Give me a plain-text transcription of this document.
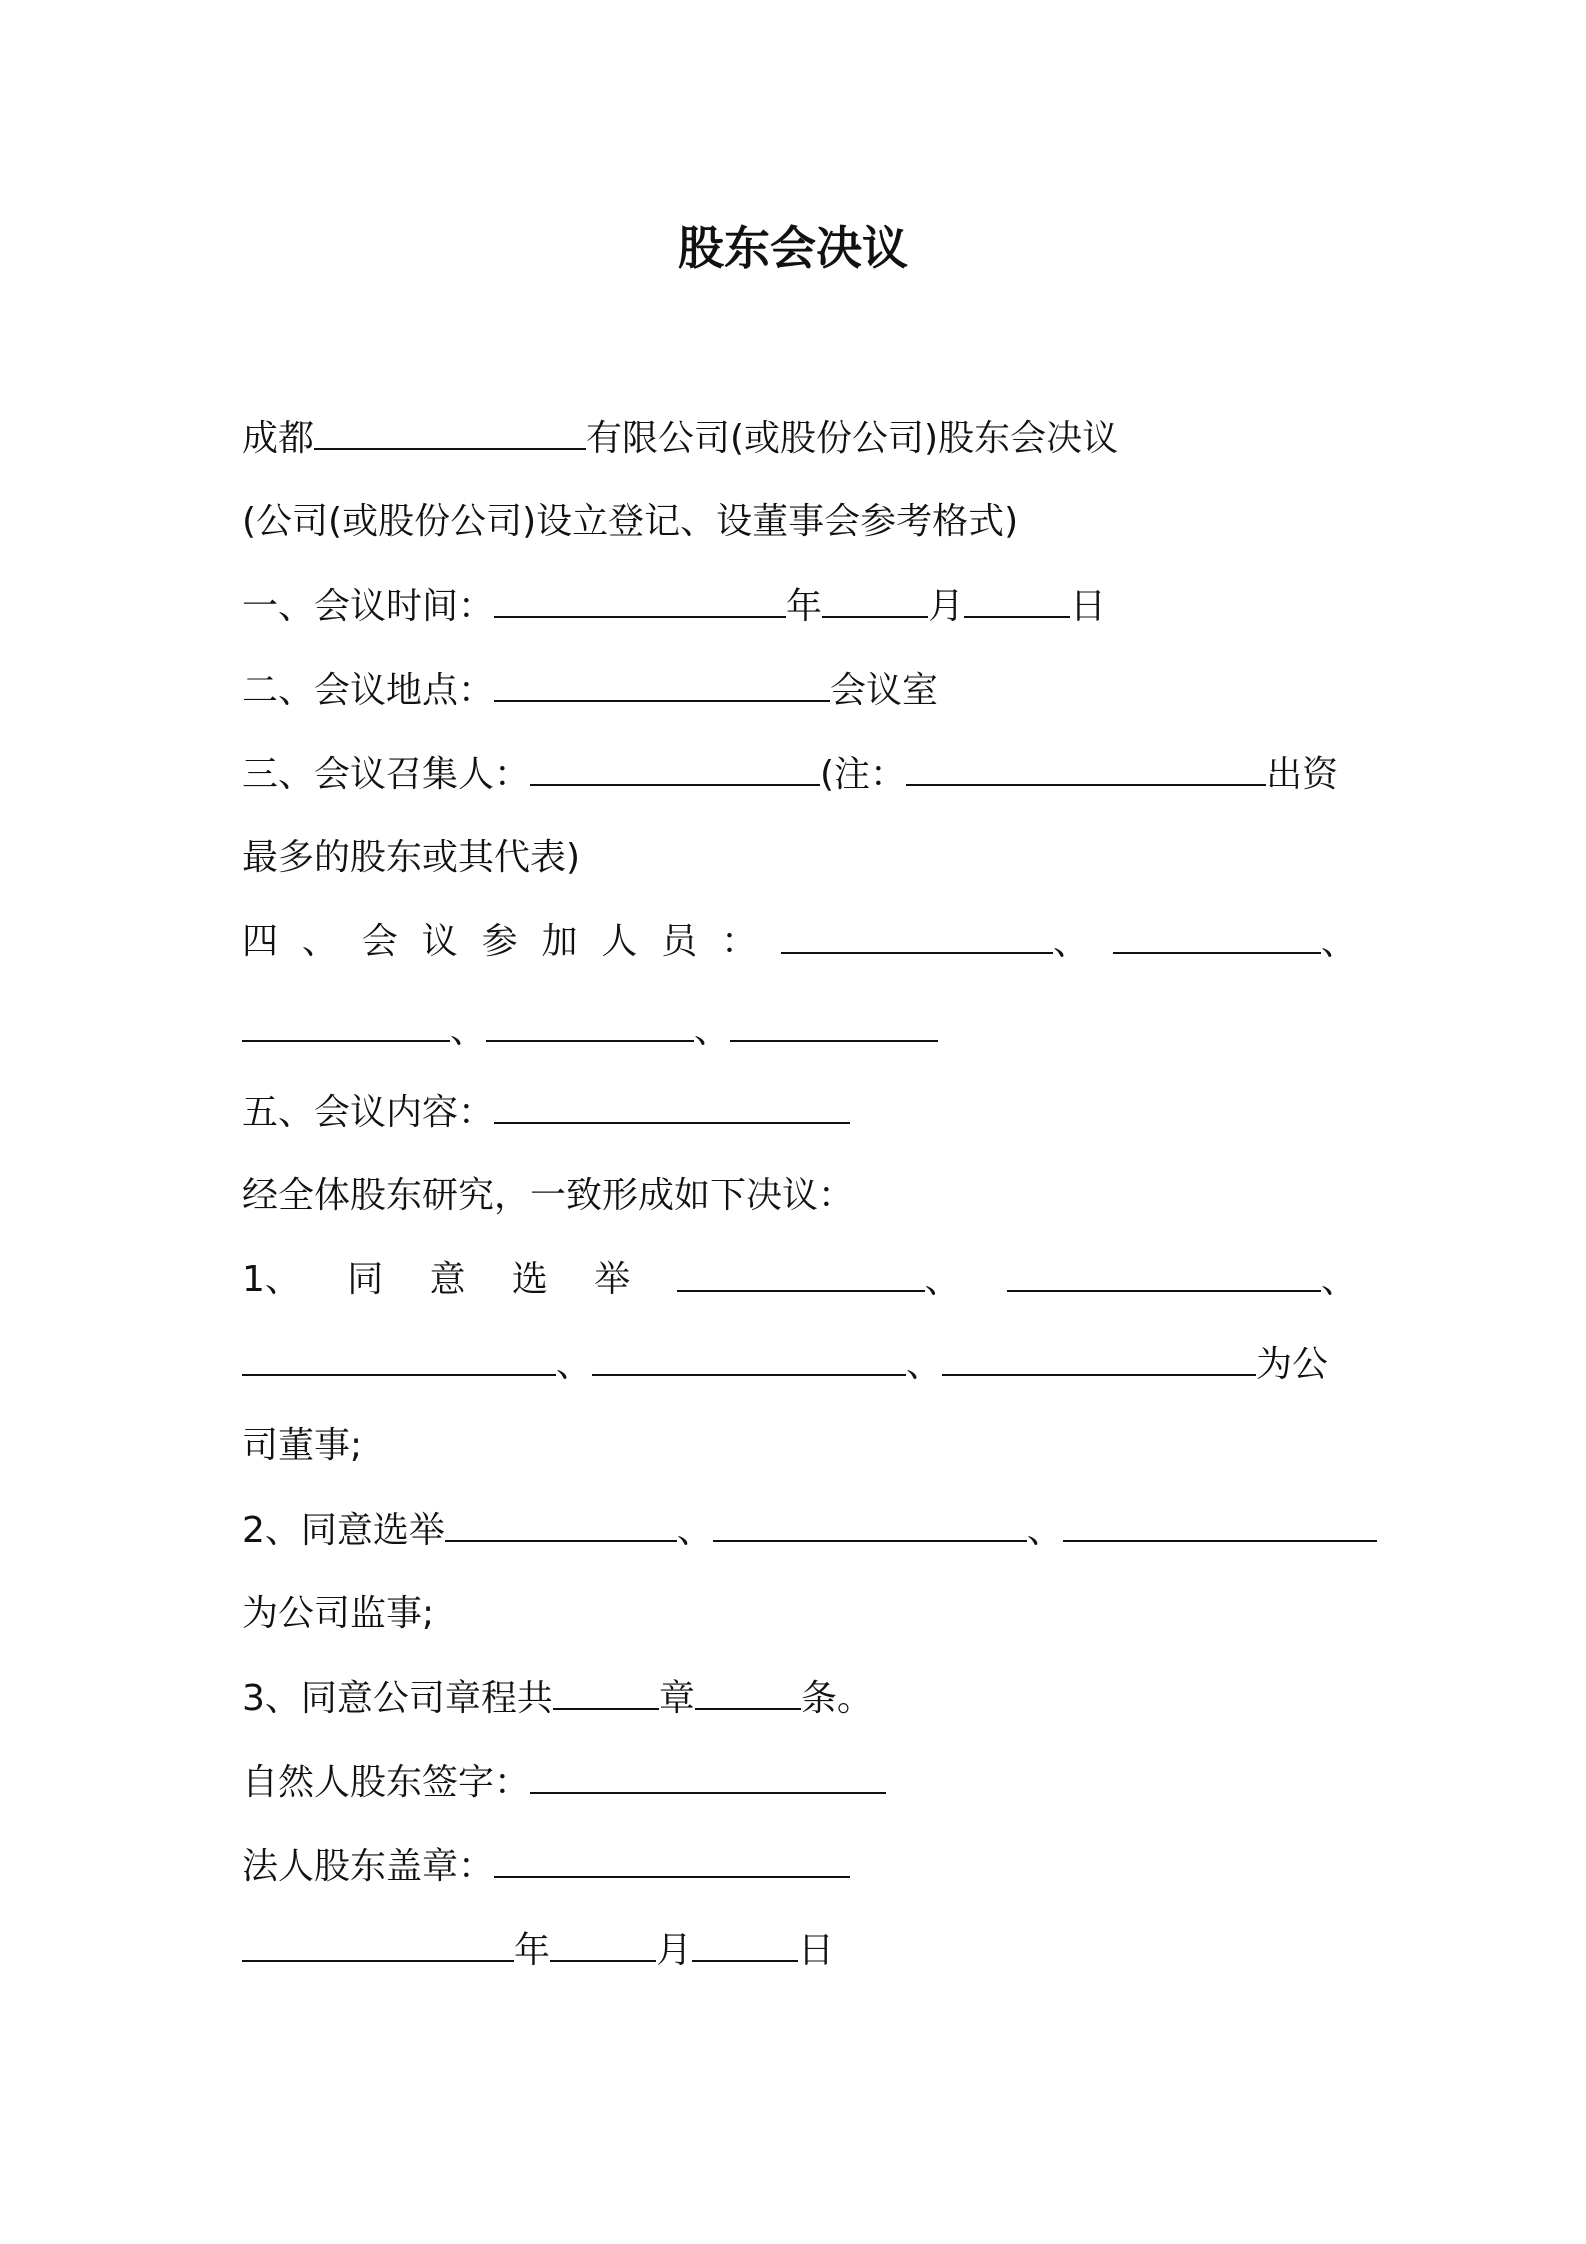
股东会决议
成都	有限公司(或股份公司)股东会决议
(公司(或股份公司)设立登记、设董事会参考格式)
一、会议时间：	年	月	日
二、会议地点：	会议室
三、会议召集人：	(注：	出资
最多的股东或其代表)
四 、 会 议 参 加 人 员 ：	、	、
、	、
五、会议内容：
经全体股东研究，一致形成如下决议：
1、 同 意 选 举	、	、
、	、	为公
司董事;
2、同意选举	、	、
为公司监事;
3、同意公司章程共	章	条。
自然人股东签字：
法人股东盖章：
年	月	日
